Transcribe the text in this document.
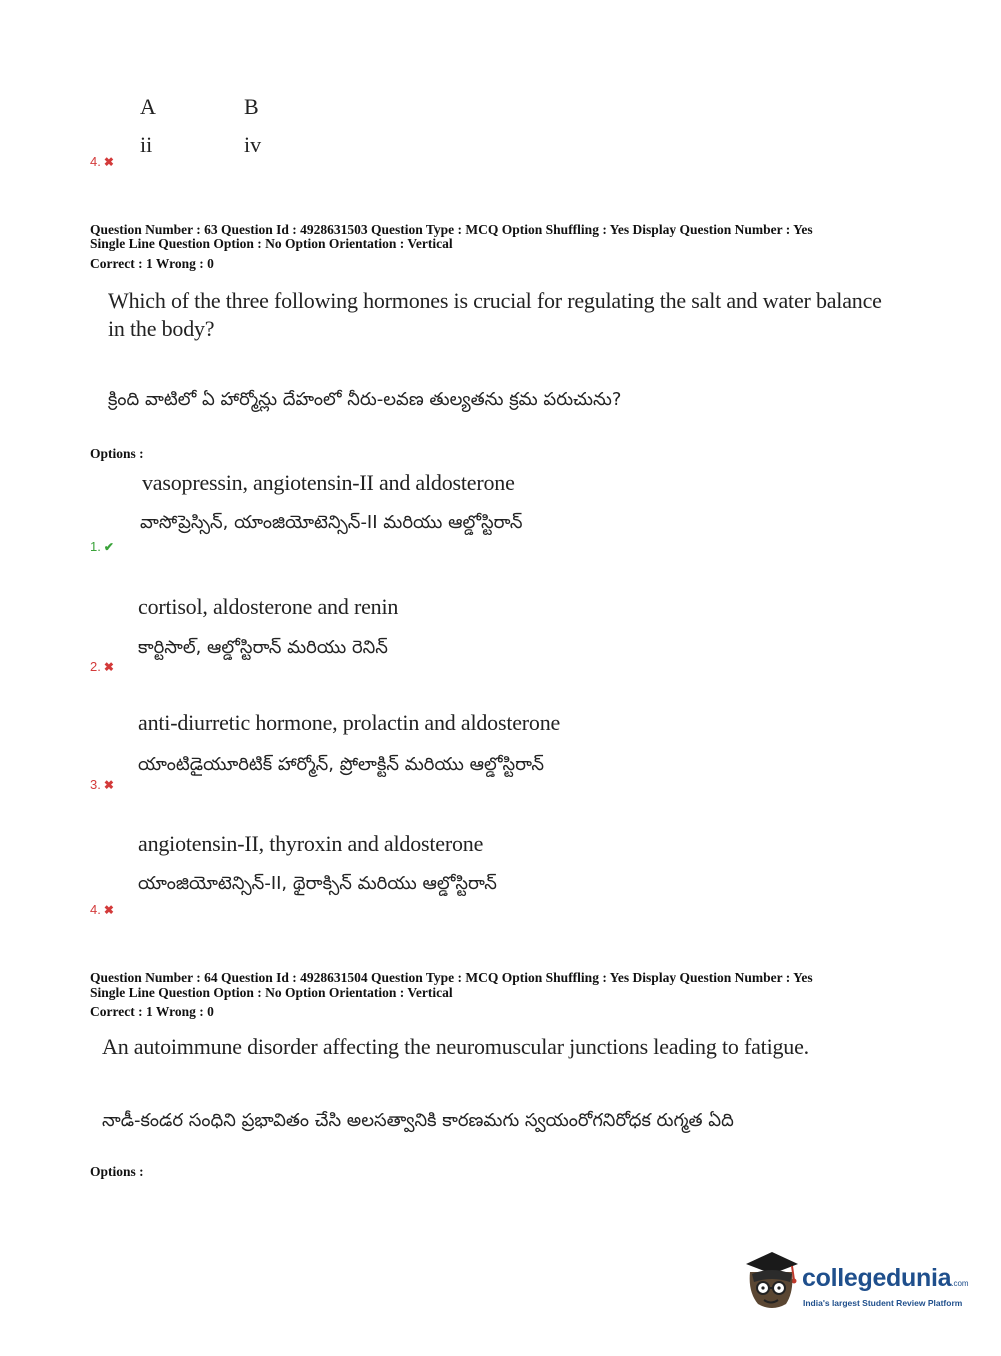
A	B
ii	iv
4. ✖
Question Number : 63 Question Id : 4928631503 Question Type : MCQ Option Shuffling : Yes Display Question Number : Yes
Single Line Question Option : No Option Orientation : Vertical
Correct : 1 Wrong : 0
Which of the three following hormones is crucial for regulating the salt and water balance
in the body?
క్రింది వాటిలో ఏ హార్మోన్లు దేహంలో నీరు-లవణ తుల్యతను క్రమ పరుచును?
Options :
vasopressin, angiotensin-II and aldosterone
వాసోప్రెస్సిన్, యాంజియోటెన్సిన్-II మరియు ఆల్డోస్టిరాన్
1. ✔
cortisol, aldosterone and renin
కార్టిసాల్, ఆల్డోస్టిరాన్ మరియు రెనిన్
2. ✖
anti-diurretic hormone, prolactin and aldosterone
యాంటిడైయూరిటిక్ హార్మోన్, ప్రోలాక్టిన్ మరియు ఆల్డోస్టిరాన్
3. ✖
angiotensin-II, thyroxin and aldosterone
యాంజియోటెన్సిన్-II, థైరాక్సిన్ మరియు ఆల్డోస్టిరాన్
4. ✖
Question Number : 64 Question Id : 4928631504 Question Type : MCQ Option Shuffling : Yes Display Question Number : Yes
Single Line Question Option : No Option Orientation : Vertical
Correct : 1 Wrong : 0
An autoimmune disorder affecting the neuromuscular junctions leading to fatigue.
నాడీ-కండర సంధిని ప్రభావితం చేసి అలసత్వానికి కారణమగు స్వయంరోగనిరోధక రుగ్మత ఏది
Options :
collegedunia.com
India's largest Student Review Platform
